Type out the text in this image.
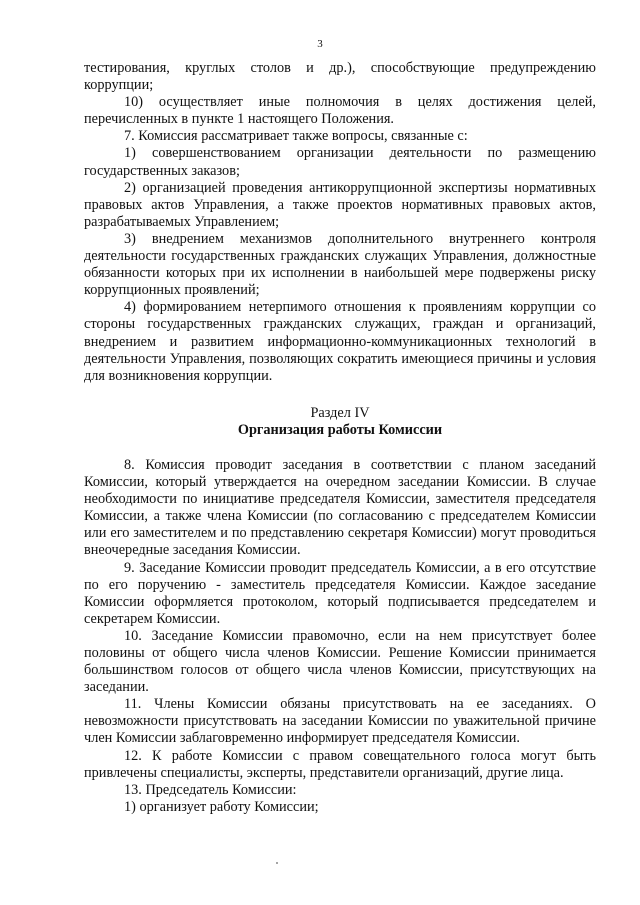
3

тестирования, круглых столов и др.), способствующие предупреждению коррупции;

10) осуществляет иные полномочия в целях достижения целей, перечисленных в пункте 1 настоящего Положения.

7. Комиссия рассматривает также вопросы, связанные с:

1) совершенствованием организации деятельности по размещению государственных заказов;

2) организацией проведения антикоррупционной экспертизы нормативных правовых актов Управления, а также проектов нормативных правовых актов, разрабатываемых Управлением;

3) внедрением механизмов дополнительного внутреннего контроля деятельности государственных гражданских служащих Управления, должностные обязанности которых при их исполнении в наибольшей мере подвержены риску коррупционных проявлений;

4) формированием нетерпимого отношения к проявлениям коррупции со стороны государственных гражданских служащих, граждан и организаций, внедрением и развитием информационно-коммуникационных технологий в деятельности Управления, позволяющих сократить имеющиеся причины и условия для возникновения коррупции.

Раздел IV

Организация работы Комиссии

8. Комиссия проводит заседания в соответствии с планом заседаний Комиссии, который утверждается на очередном заседании Комиссии. В случае необходимости по инициативе председателя Комиссии, заместителя председателя Комиссии, а также члена Комиссии (по согласованию с председателем Комиссии или его заместителем и по представлению секретаря Комиссии) могут проводиться внеочередные заседания Комиссии.

9. Заседание Комиссии проводит председатель Комиссии, а в его отсутствие по его поручению - заместитель председателя Комиссии. Каждое заседание Комиссии оформляется протоколом, который подписывается председателем и секретарем Комиссии.

10. Заседание Комиссии правомочно, если на нем присутствует более половины от общего числа членов Комиссии. Решение Комиссии принимается большинством голосов от общего числа членов Комиссии, присутствующих на заседании.

11. Члены Комиссии обязаны присутствовать на ее заседаниях. О невозможности присутствовать на заседании Комиссии по уважительной причине член Комиссии заблаговременно информирует председателя Комиссии.

12. К работе Комиссии с правом совещательного голоса могут быть привлечены специалисты, эксперты, представители организаций, другие лица.

13. Председатель Комиссии:

1) организует работу Комиссии;
